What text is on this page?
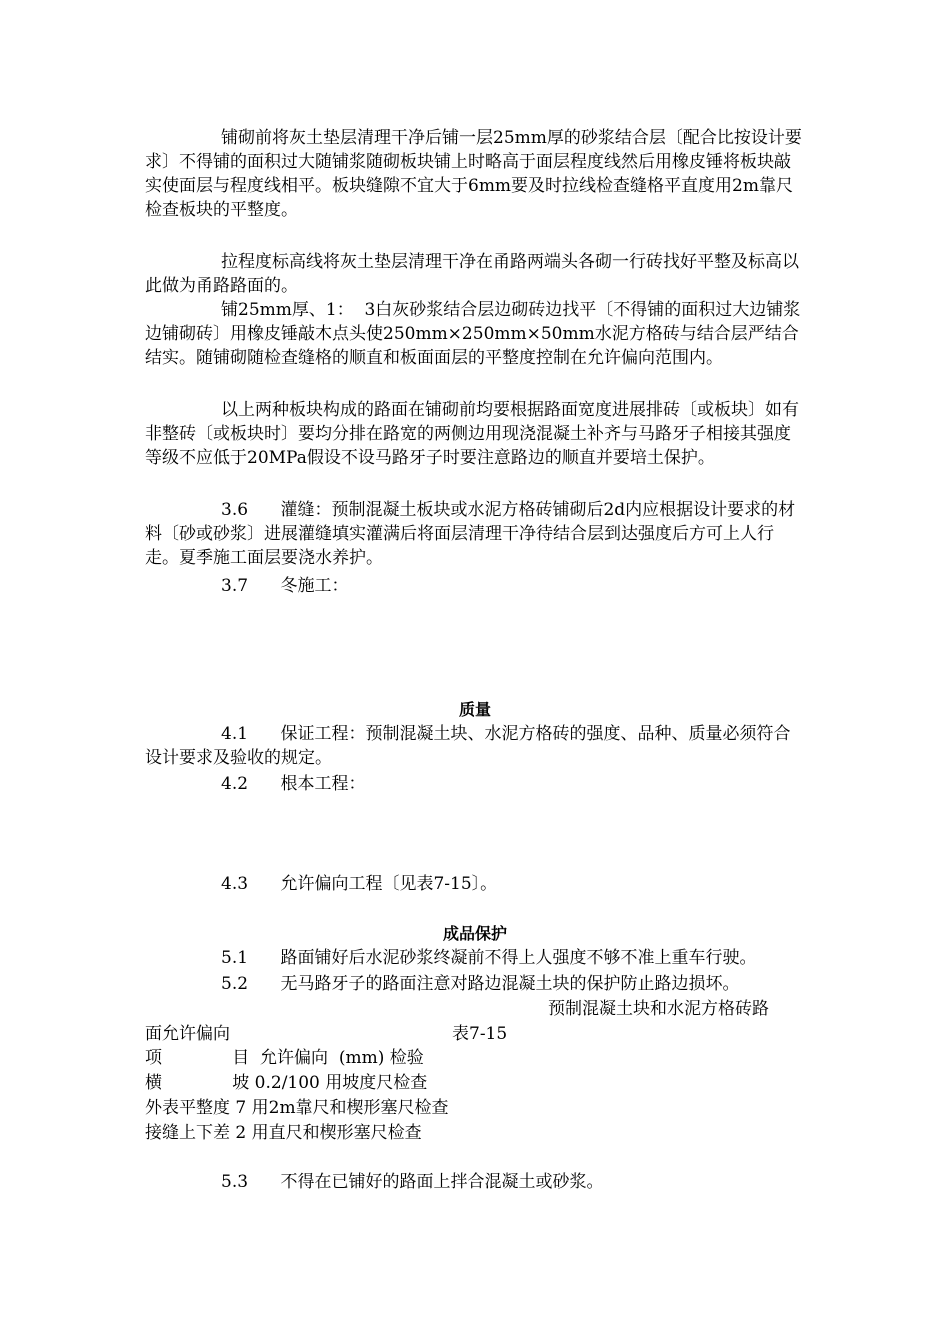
铺砌前将灰土垫层清理干净后铺一层25mm厚的砂浆结合层〔配合比按设计要求〕不得铺的面积过大随铺浆随砌板块铺上时略高于面层程度线然后用橡皮锤将板块敲实使面层与程度线相平。板块缝隙不宜大于6mm要及时拉线检查缝格平直度用2m靠尺检查板块的平整度。
拉程度标高线将灰土垫层清理干净在甬路两端头各砌一行砖找好平整及标高以此做为甬路路面的。
铺25mm厚、1：  3白灰砂浆结合层边砌砖边找平〔不得铺的面积过大边铺浆边铺砌砖〕用橡皮锤敲木点头使250mm×250mm×50mm水泥方格砖与结合层严结合结实。随铺砌随检查缝格的顺直和板面面层的平整度控制在允许偏向范围内。
以上两种板块构成的路面在铺砌前均要根据路面宽度进展排砖〔或板块〕如有非整砖〔或板块时〕要均分排在路宽的两侧边用现浇混凝土补齐与马路牙子相接其强度等级不应低于20MPa假设不设马路牙子时要注意路边的顺直并要培土保护。
3.6      灌缝：预制混凝土板块或水泥方格砖铺砌后2d内应根据设计要求的材料〔砂或砂浆〕进展灌缝填实灌满后将面层清理干净待结合层到达强度后方可上人行走。夏季施工面层要浇水养护。
3.7      冬施工：
质量
4.1      保证工程：预制混凝土块、水泥方格砖的强度、品种、质量必须符合设计要求及验收的规定。
4.2      根本工程：
4.3      允许偏向工程〔见表7-15〕。
成品保护
5.1      路面铺好后水泥砂浆终凝前不得上人强度不够不准上重车行驶。
5.2      无马路牙子的路面注意对路边混凝土块的保护防止路边损坏。
预制混凝土块和水泥方格砖路
面允许偏向	表7-15
项             目  允许偏向  (mm) 检验
横             坡 0.2/100 用坡度尺检查
外表平整度 7 用2m靠尺和楔形塞尺检查
接缝上下差 2 用直尺和楔形塞尺检查
5.3      不得在已铺好的路面上拌合混凝土或砂浆。
